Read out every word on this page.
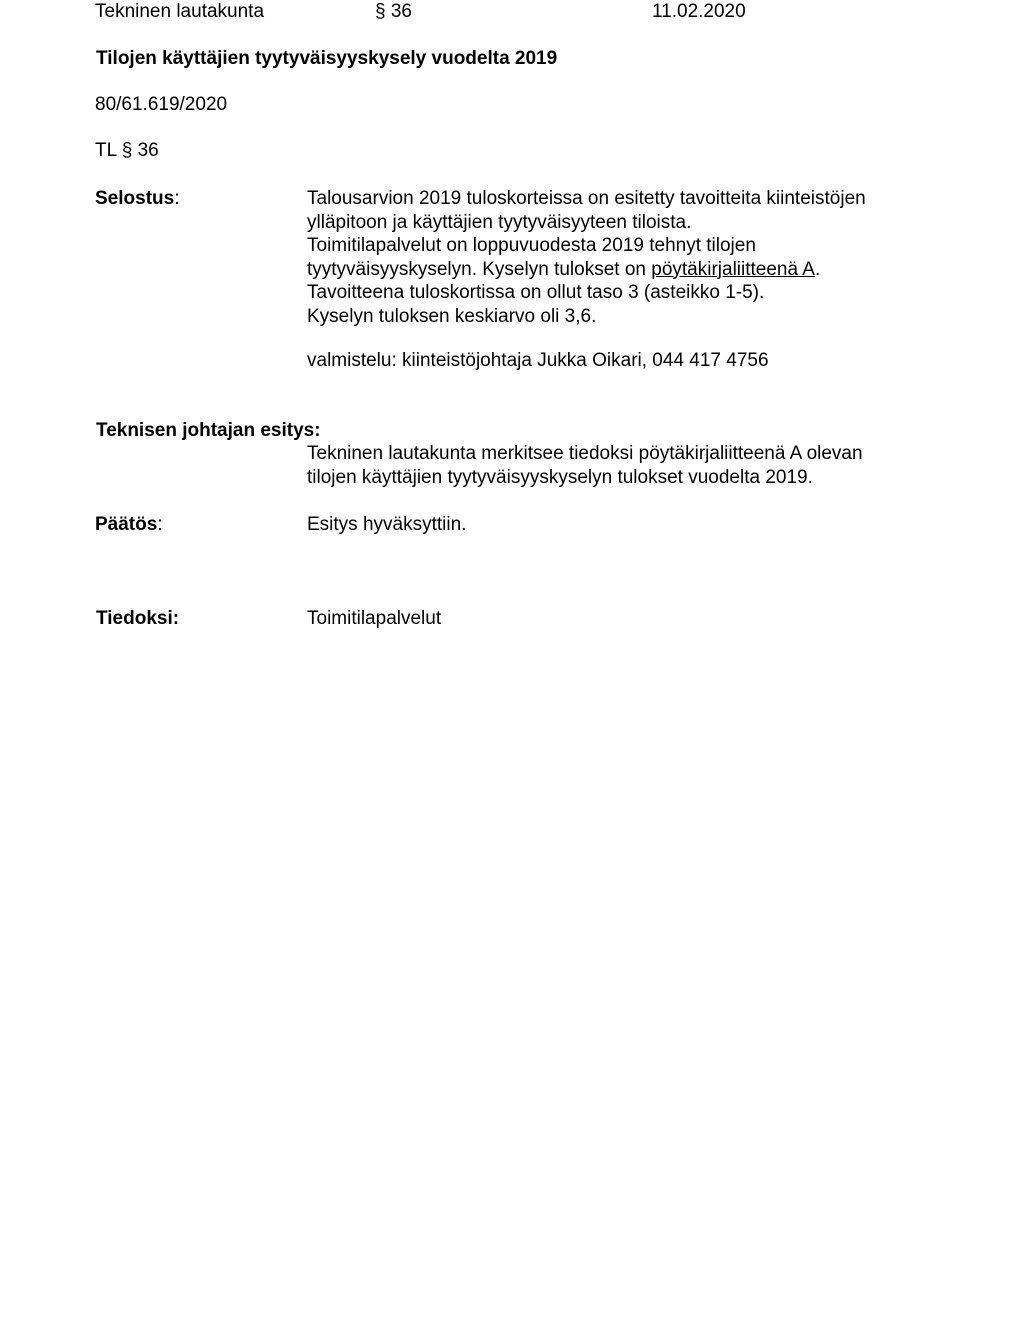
Tekninen lautakunta	§ 36	11.02.2020
Tilojen käyttäjien tyytyväisyyskysely vuodelta 2019
80/61.619/2020
TL § 36
Selostus:	Talousarvion 2019 tuloskorteissa on esitetty tavoitteita kiinteistöjen
ylläpitoon ja käyttäjien tyytyväisyyteen tiloista.
Toimitilapalvelut on loppuvuodesta 2019 tehnyt tilojen
tyytyväisyyskyselyn. Kyselyn tulokset on pöytäkirjaliitteenä A.
Tavoitteena tuloskortissa on ollut taso 3 (asteikko 1-5).
Kyselyn tuloksen keskiarvo oli 3,6.
valmistelu: kiinteistöjohtaja Jukka Oikari, 044 417 4756
Teknisen johtajan esitys:
Tekninen lautakunta merkitsee tiedoksi pöytäkirjaliitteenä A olevan
tilojen käyttäjien tyytyväisyyskyselyn tulokset vuodelta 2019.
Päätös:	Esitys hyväksyttiin.
Tiedoksi:	Toimitilapalvelut
